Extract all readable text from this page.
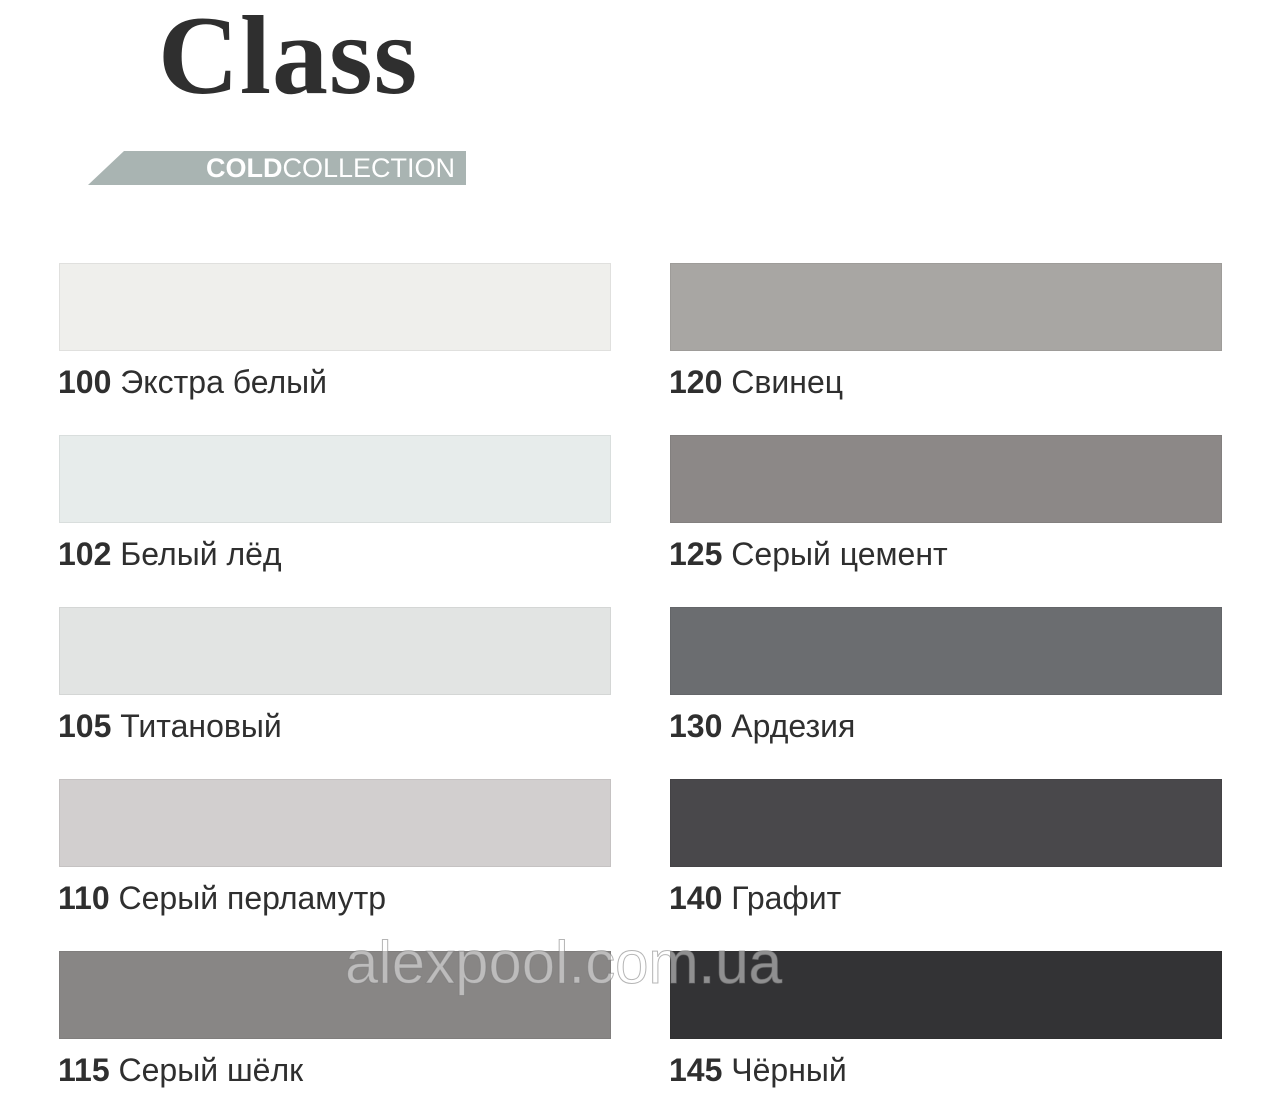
Class
COLDCOLLECTION
100 Экстра белый
102 Белый лёд
105 Титановый
110 Серый перламутр
115 Серый шёлк
120 Свинец
125 Серый цемент
130 Ардезия
140 Графит
145 Чёрный
alexpool.com.ua
